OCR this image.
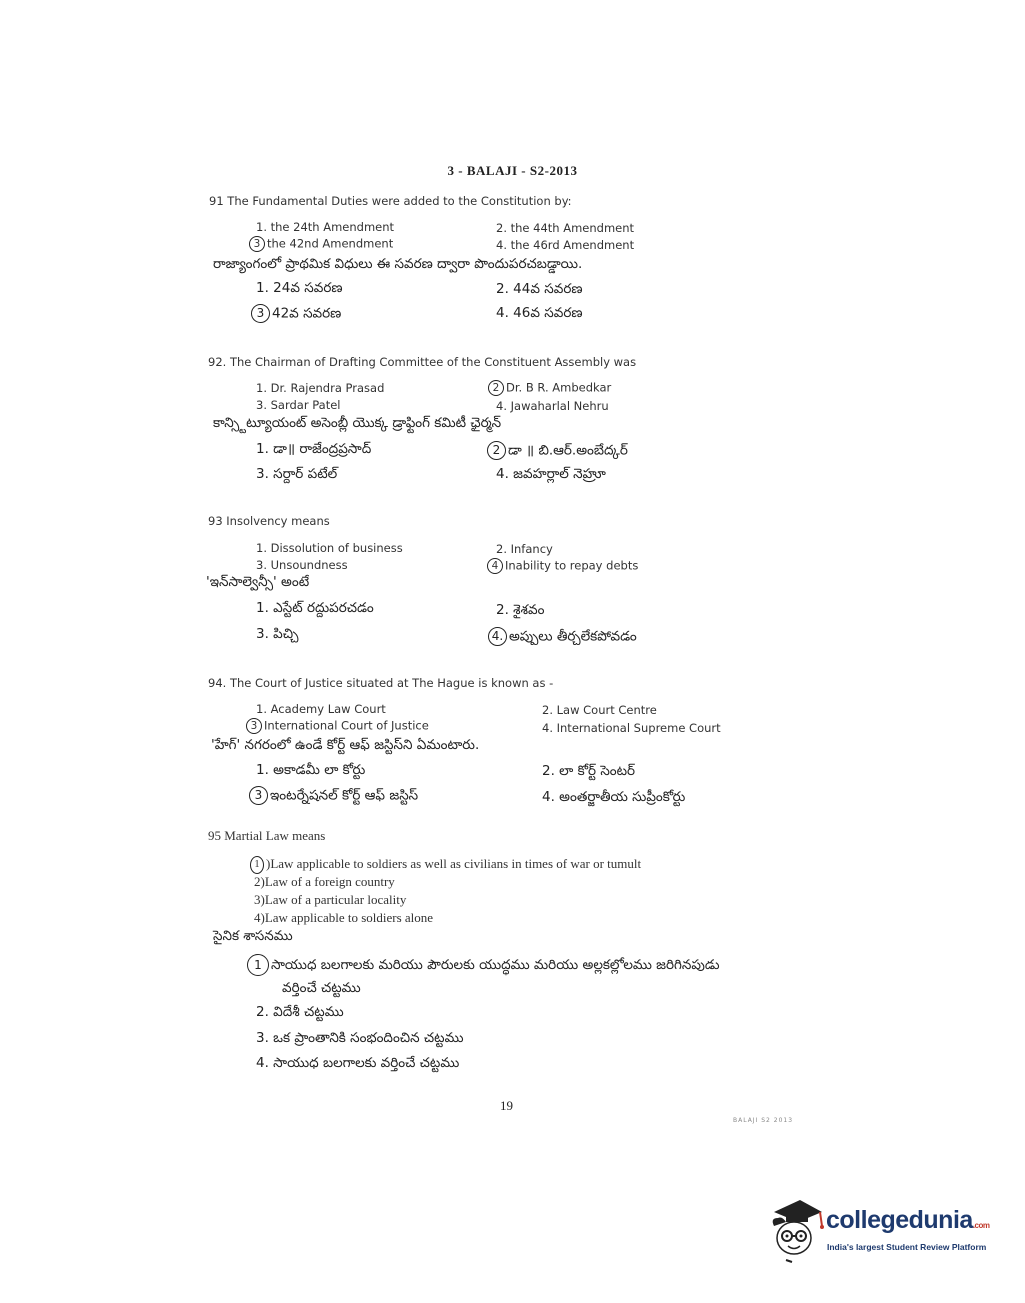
3 - BALAJI - S2-2013
91 The Fundamental Duties were added to the Constitution by:
1. the 24th Amendment	2. the 44th Amendment
3 the 42nd Amendment	4. the 46rd Amendment
రాజ్యాంగంలో ప్రాథమిక విధులు ఈ సవరణ ద్వారా పొందుపరచబడ్డాయి.
1. 24వ సవరణ	2. 44వ సవరణ
3 42వ సవరణ	4. 46వ సవరణ
92. The Chairman of Drafting Committee of the Constituent Assembly was
1. Dr. Rajendra Prasad	2 Dr. B R. Ambedkar
3. Sardar Patel	4. Jawaharlal Nehru
కాన్స్టిట్యూయంట్ అసెంబ్లీ యొక్క డ్రాఫ్టింగ్ కమిటీ ఛైర్మన్
1. డా॥ రాజేంద్రప్రసాద్	2 డా ॥ బి.ఆర్.అంబేద్కర్
3. సర్దార్ పటేల్	4. జవహర్లాల్ నెహ్రూ
93 Insolvency means
1. Dissolution of business	2. Infancy
3. Unsoundness	4 Inability to repay debts
'ఇన్‌సాల్వెన్సీ' అంటే
1. ఎస్టేట్ రద్దుపరచడం	2. శైశవం
3. పిచ్చి	4. అప్పులు తీర్చలేకపోవడం
94. The Court of Justice situated at The Hague is known as -
1. Academy Law Court	2. Law Court Centre
3 International Court of Justice	4. International Supreme Court
'హేగ్' నగరంలో ఉండే కోర్ట్ ఆఫ్ జస్టిస్‌ని ఏమంటారు.
1. అకాడమీ లా కోర్టు	2. లా కోర్ట్ సెంటర్
3 ఇంటర్నేషనల్ కోర్ట్ ఆఫ్ జస్టిస్	4. అంతర్జాతీయ సుప్రీంకోర్టు
95 Martial Law means
1 )Law applicable to soldiers as well as civilians in times of war or tumult
2)Law of a foreign country
3)Law of a particular locality
4)Law applicable to soldiers alone
సైనిక శాసనము
1 సాయుధ బలగాలకు మరియు పౌరులకు యుద్ధము మరియు అల్లకల్లోలము జరిగినపుడు
వర్తించే చట్టము
2. విదేశీ చట్టము
3. ఒక ప్రాంతానికి సంభందించిన చట్టము
4. సాయుధ బలగాలకు వర్తించే చట్టము
19
BALAJI S2 2013
collegedunia.com
India's largest Student Review Platform
